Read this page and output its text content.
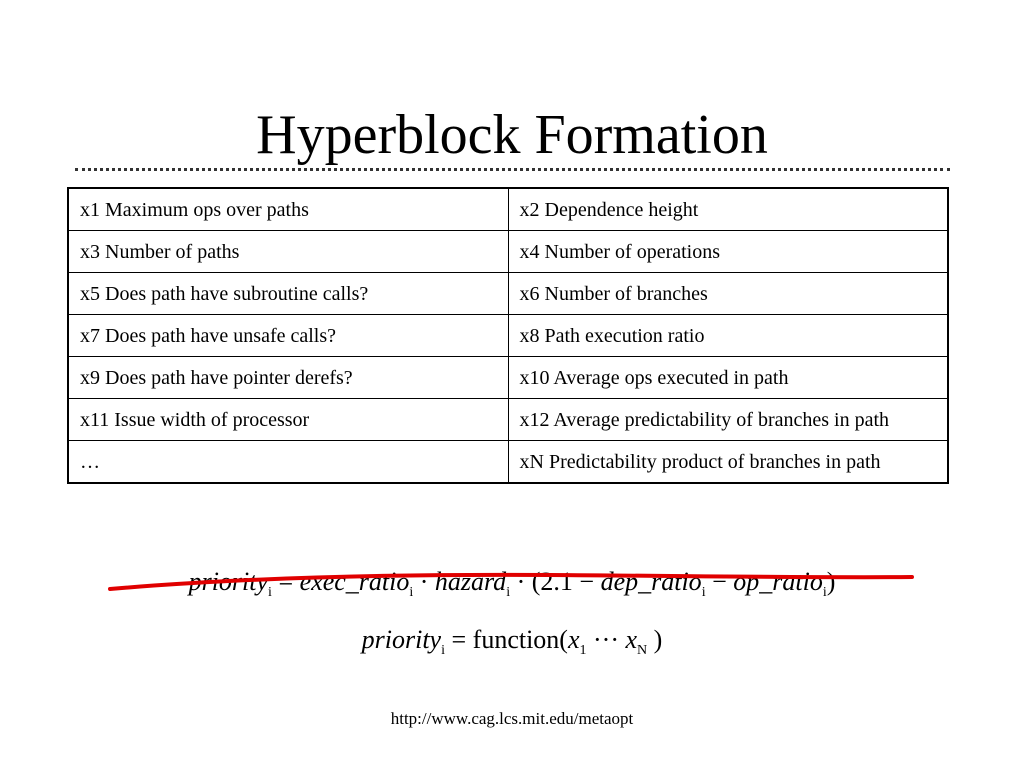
Hyperblock Formation
x1 Maximum ops over paths	x2 Dependence height
x3 Number of paths	x4 Number of operations
x5 Does path have subroutine calls?	x6 Number of branches
x7 Does path have unsafe calls?	x8 Path execution ratio
x9 Does path have pointer derefs?	x10 Average ops executed in path
x11 Issue width of processor	x12 Average predictability of branches in path
…	xN Predictability product of branches in path
priority$_i$ = exec_ratio$_i$ · hazard$_i$ · (2.1 − dep_ratio$_i$ − op_ratio$_i$)
priority$_i$ = $function(x_1$ ··· $x_N$ )
http://www.cag.lcs.mit.edu/metaopt
